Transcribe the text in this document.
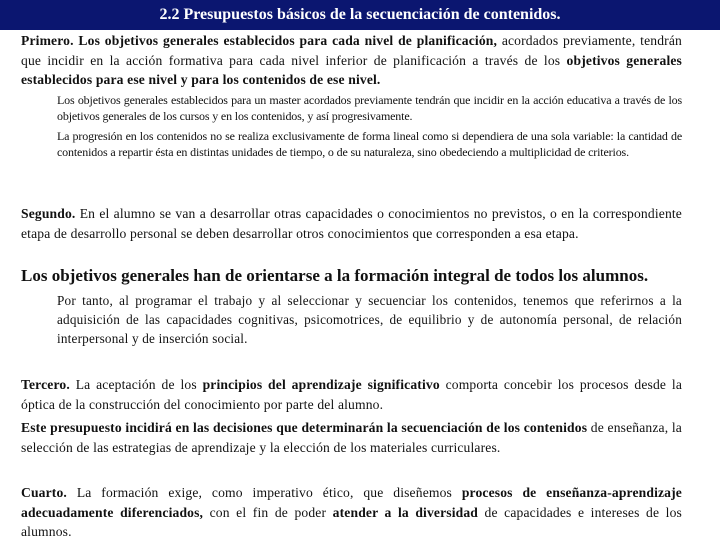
2.2 Presupuestos básicos de la secuenciación de contenidos.

Primero. Los objetivos generales establecidos para cada nivel de planificación, acordados previamente, tendrán que incidir en la acción formativa para cada nivel inferior de planificación a través de los objetivos generales establecidos para ese nivel y para los contenidos de ese nivel.

Los objetivos generales establecidos para un master acordados previamente tendrán que incidir en la acción educativa a través de los objetivos generales de los cursos y en los contenidos, y así progresivamente.

La progresión en los contenidos no se realiza exclusivamente de forma lineal como si dependiera de una sola variable: la cantidad de contenidos a repartir ésta en distintas unidades de tiempo, o de su naturaleza, sino obedeciendo a multiplicidad de criterios.

Segundo. En el alumno se van a desarrollar otras capacidades o conocimientos no previstos, o en la correspondiente etapa de desarrollo personal se deben desarrollar otros conocimientos que corresponden a esa etapa.

Los objetivos generales han de orientarse a la formación integral de todos los alumnos.

Por tanto, al programar el trabajo y al seleccionar y secuenciar los contenidos, tenemos que referirnos a la adquisición de las capacidades cognitivas, psicomotrices, de equilibrio y de autonomía personal, de relación interpersonal y de inserción social.

Tercero. La aceptación de los principios del aprendizaje significativo comporta concebir los procesos desde la óptica de la construcción del conocimiento por parte del alumno.

Este presupuesto incidirá en las decisiones que determinarán la secuenciación de los contenidos de enseñanza, la selección de las estrategias de aprendizaje y la elección de los materiales curriculares.

Cuarto. La formación exige, como imperativo ético, que diseñemos procesos de enseñanza-aprendizaje adecuadamente diferenciados, con el fin de poder atender a la diversidad de capacidades e intereses de los alumnos.
